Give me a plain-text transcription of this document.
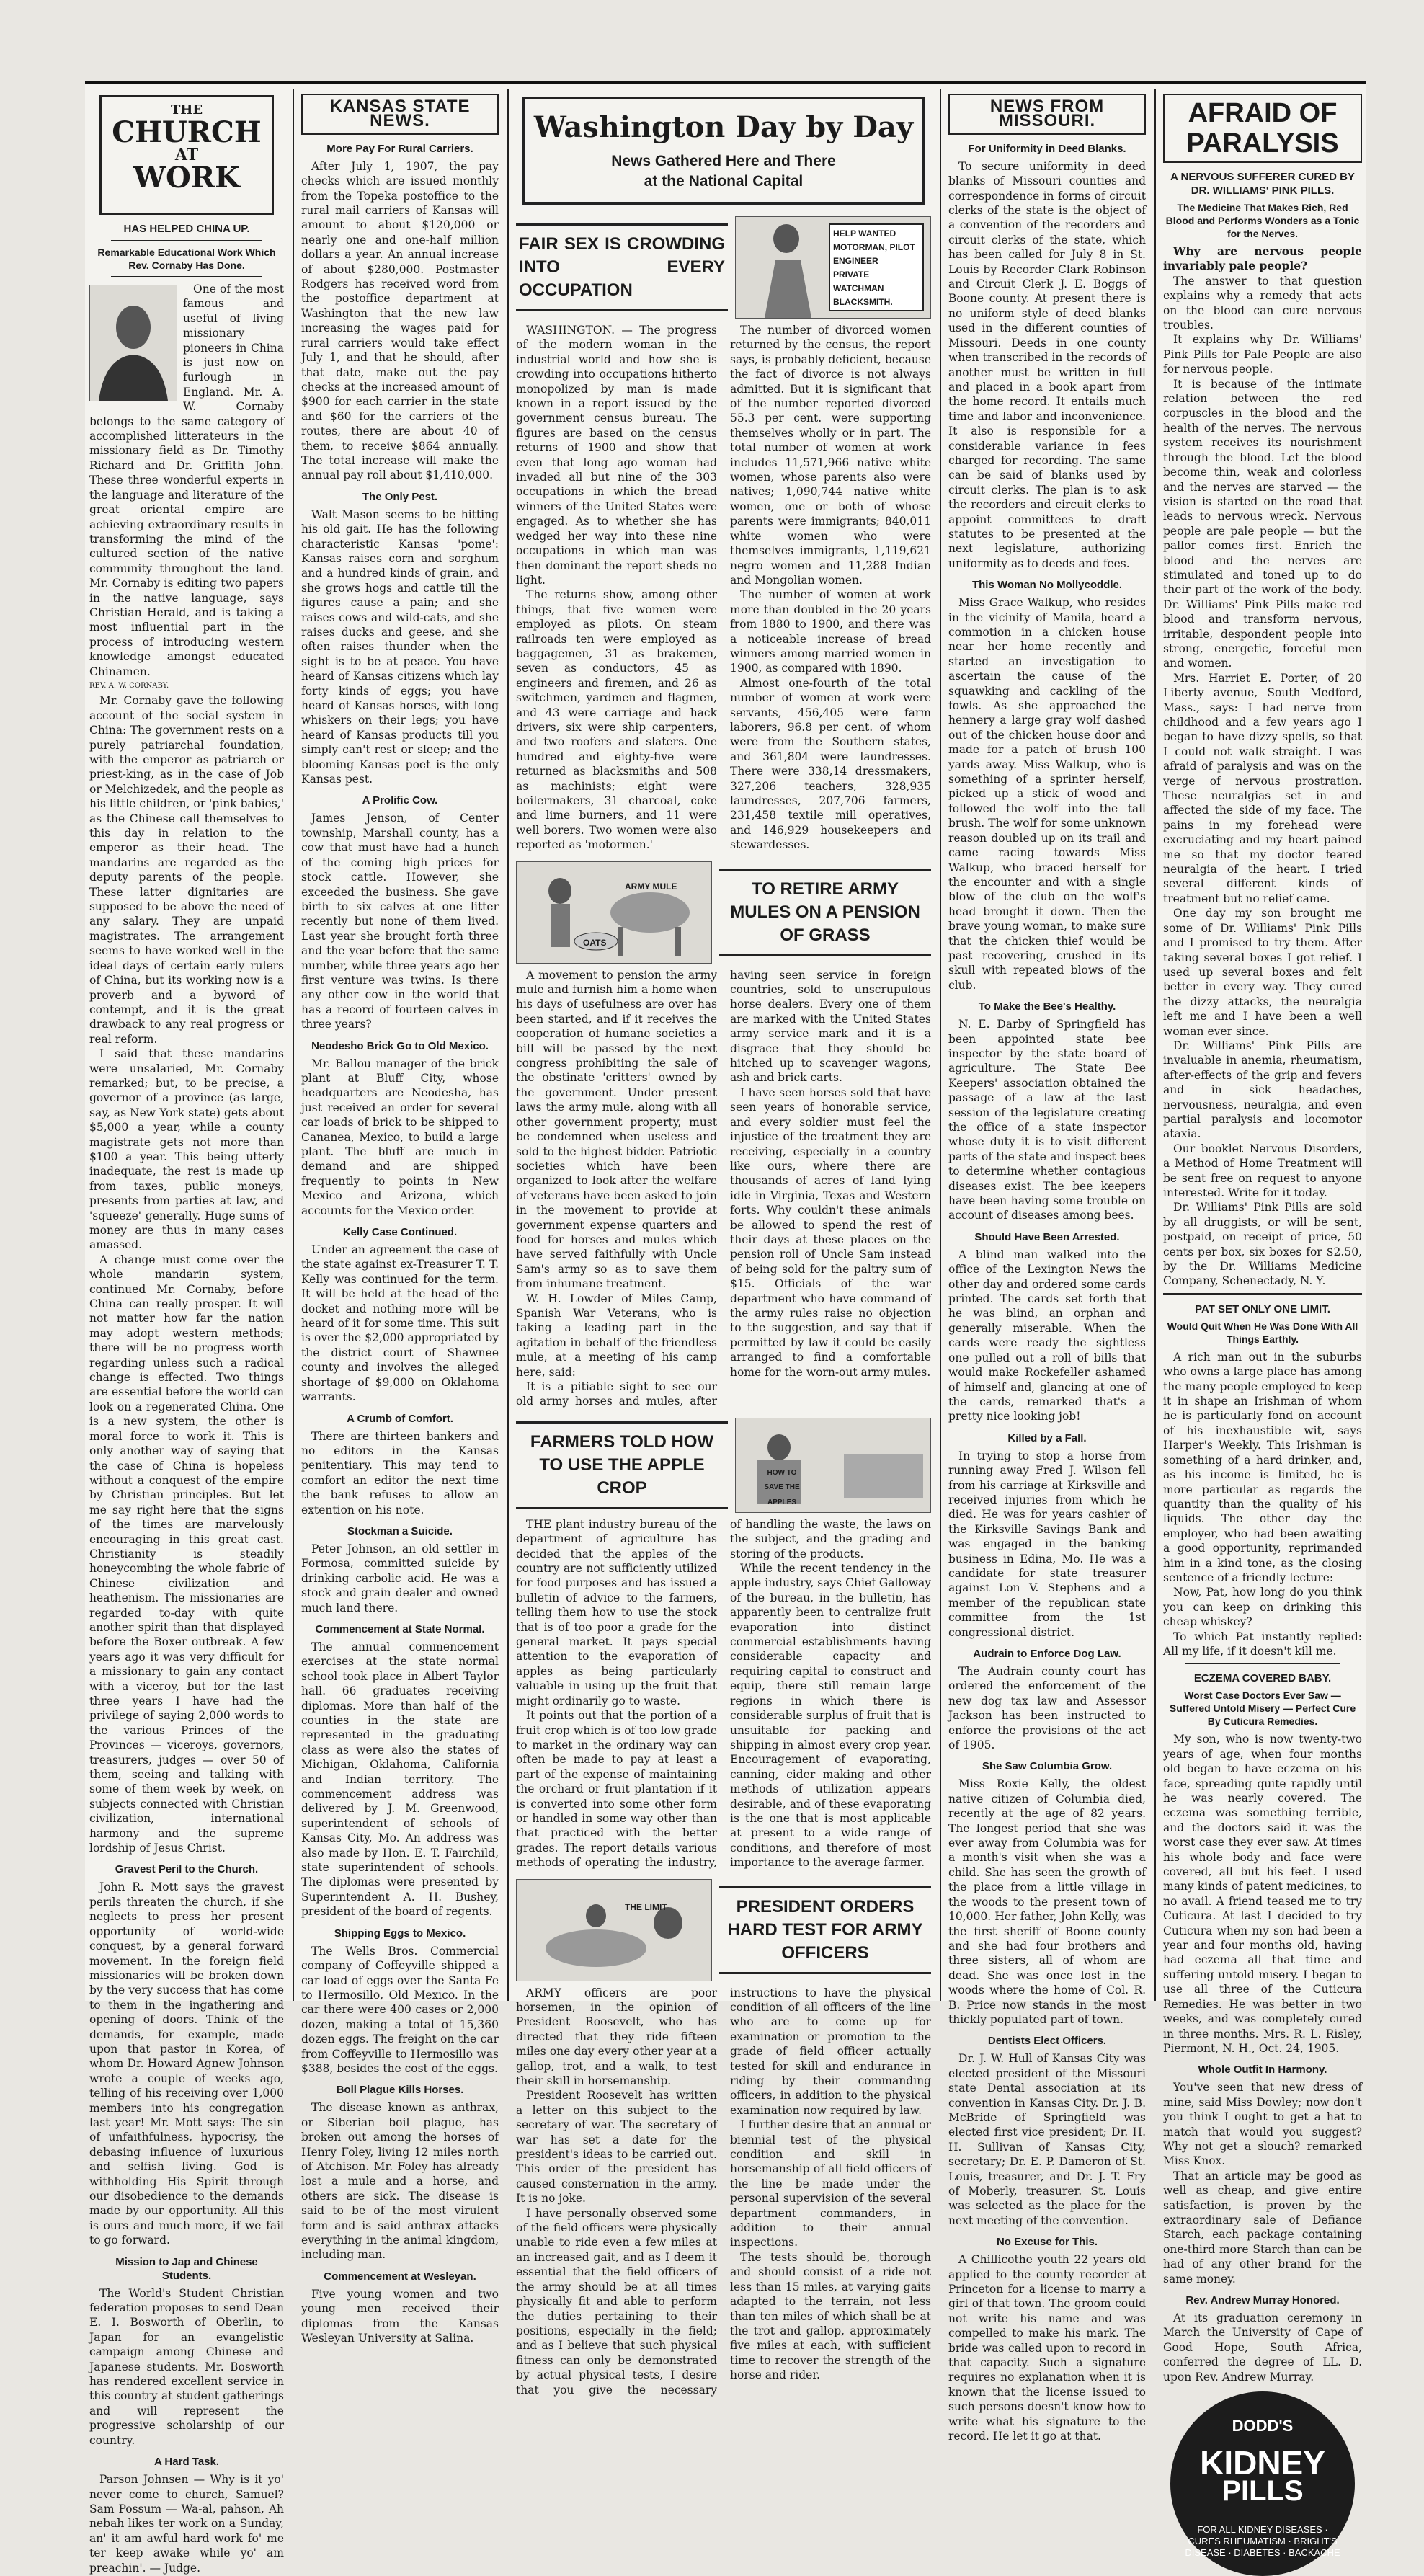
THE
CHURCH
AT
WORK
HAS HELPED CHINA UP.
Remarkable Educational Work Which Rev. Cornaby Has Done.

One of the most famous and useful of living missionary pioneers in China is just now on furlough in England. Mr. A. W. Cornaby belongs to the same category of accomplished litterateurs in the missionary field as Dr. Timothy Richard and Dr. Griffith John. These three wonderful experts in the language and literature of the great oriental empire are achieving extraordinary results in transforming the mind of the cultured section of the native community throughout the land. Mr. Cornaby is editing two papers in the native language, says Christian Herald, and is taking a most influential part in the process of introducing western knowledge amongst educated Chinamen.

REV. A. W. CORNABY.

Mr. Cornaby gave the following account of the social system in China: The government rests on a purely patriarchal foundation, with the emperor as patriarch or priest-king, as in the case of Job or Melchizedek, and the people as his little children, or 'pink babies,' as the Chinese call themselves to this day in relation to the emperor as their head. The mandarins are regarded as the deputy parents of the people. These latter dignitaries are supposed to be above the need of any salary. They are unpaid magistrates. The arrangement seems to have worked well in the ideal days of certain early rulers of China, but its working now is a proverb and a byword of contempt, and it is the great drawback to any real progress or real reform.

I said that these mandarins were unsalaried, Mr. Cornaby remarked; but, to be precise, a governor of a province (as large, say, as New York state) gets about $5,000 a year, while a county magistrate gets not more than $100 a year. This being utterly inadequate, the rest is made up from taxes, public moneys, presents from parties at law, and 'squeeze' generally. Huge sums of money are thus in many cases amassed.

A change must come over the whole mandarin system, continued Mr. Cornaby, before China can really prosper. It will not matter how far the nation may adopt western methods; there will be no progress worth regarding unless such a radical change is effected. Two things are essential before the world can look on a regenerated China. One is a new system, the other is moral force to work it. This is only another way of saying that the case of China is hopeless without a conquest of the empire by Christian principles. But let me say right here that the signs of the times are marvelously encouraging in this great cast. Christianity is steadily honeycombing the whole fabric of Chinese civilization and heathenism. The missionaries are regarded to-day with quite another spirit than that displayed before the Boxer outbreak. A few years ago it was very difficult for a missionary to gain any contact with a viceroy, but for the last three years I have had the privilege of saying 2,000 words to the various Princes of the Provinces — viceroys, governors, treasurers, judges — over 50 of them, seeing and talking with some of them week by week, on subjects connected with Christian civilization, international harmony and the supreme lordship of Jesus Christ.

Gravest Peril to the Church.

John R. Mott says the gravest perils threaten the church, if she neglects to press her present opportunity of world-wide conquest, by a general forward movement. In the foreign field missionaries will be broken down by the very success that has come to them in the ingathering and opening of doors. Think of the demands, for example, made upon that pastor in Korea, of whom Dr. Howard Agnew Johnson wrote a couple of weeks ago, telling of his receiving over 1,000 members into his congregation last year! Mr. Mott says: The sin of unfaithfulness, hypocrisy, the debasing influence of luxurious and selfish living. God is withholding His Spirit through our disobedience to the demands made by our opportunity. All this is ours and much more, if we fail to go forward.

Mission to Jap and Chinese Students.

The World's Student Christian federation proposes to send Dean E. I. Bosworth of Oberlin, to Japan for an evangelistic campaign among Chinese and Japanese students. Mr. Bosworth has rendered excellent service in this country at student gatherings and will represent the progressive scholarship of our country.

A Hard Task.

Parson Johnsen — Why is it yo' never come to church, Samuel? Sam Possum — Wa-al, pahson, Ah nebah likes ter work on a Sunday, an' it am awful hard work fo' me ter keep awake while yo' am preachin'. — Judge.

KANSAS STATE NEWS.
More Pay For Rural Carriers.

After July 1, 1907, the pay checks which are issued monthly from the Topeka postoffice to the rural mail carriers of Kansas will amount to about $120,000 or nearly one and one-half million dollars a year. An annual increase of about $280,000. Postmaster Rodgers has received word from the postoffice department at Washington that the new law increasing the wages paid for rural carriers would take effect July 1, and that he should, after that date, make out the pay checks at the increased amount of $900 for each carrier in the state and $60 for the carriers of the routes, there are about 40 of them, to receive $864 annually. The total increase will make the annual pay roll about $1,410,000.

The Only Pest.

Walt Mason seems to be hitting his old gait. He has the following characteristic Kansas 'pome': Kansas raises corn and sorghum and a hundred kinds of grain, and she grows hogs and cattle till the figures cause a pain; and she raises cows and wild-cats, and she raises ducks and geese, and she often raises thunder when the sight is to be at peace. You have heard of Kansas citizens which lay forty kinds of eggs; you have heard of Kansas horses, with long whiskers on their legs; you have heard of Kansas products till you simply can't rest or sleep; and the blooming Kansas poet is the only Kansas pest.

A Prolific Cow.

James Jenson, of Center township, Marshall county, has a cow that must have had a hunch of the coming high prices for stock cattle. However, she exceeded the business. She gave birth to six calves at one litter recently but none of them lived. Last year she brought forth three and the year before that the same number, while three years ago her first venture was twins. Is there any other cow in the world that has a record of fourteen calves in three years?

Neodesho Brick Go to Old Mexico.

Mr. Ballou manager of the brick plant at Bluff City, whose headquarters are Neodesha, has just received an order for several car loads of brick to be shipped to Cananea, Mexico, to build a large plant. The bluff are much in demand and are shipped frequently to points in New Mexico and Arizona, which accounts for the Mexico order.

Kelly Case Continued.

Under an agreement the case of the state against ex-Treasurer T. T. Kelly was continued for the term. It will be held at the head of the docket and nothing more will be heard of it for some time. This suit is over the $2,000 appropriated by the district court of Shawnee county and involves the alleged shortage of $9,000 on Oklahoma warrants.

A Crumb of Comfort.

There are thirteen bankers and no editors in the Kansas penitentiary. This may tend to comfort an editor the next time the bank refuses to allow an extention on his note.

Stockman a Suicide.

Peter Johnson, an old settler in Formosa, committed suicide by drinking carbolic acid. He was a stock and grain dealer and owned much land there.

Commencement at State Normal.

The annual commencement exercises at the state normal school took place in Albert Taylor hall. 66 graduates receiving diplomas. More than half of the counties in the state are represented in the graduating class as were also the states of Michigan, Oklahoma, California and Indian territory. The commencement address was delivered by J. M. Greenwood, superintendent of schools of Kansas City, Mo. An address was also made by Hon. E. T. Fairchild, state superintendent of schools. The diplomas were presented by Superintendent A. H. Bushey, president of the board of regents.

Shipping Eggs to Mexico.

The Wells Bros. Commercial company of Coffeyville shipped a car load of eggs over the Santa Fe to Hermosillo, Old Mexico. In the car there were 400 cases or 2,000 dozen, making a total of 15,360 dozen eggs. The freight on the car from Coffeyville to Hermosillo was $388, besides the cost of the eggs.

Boll Plague Kills Horses.

The disease known as anthrax, or Siberian boil plague, has broken out among the horses of Henry Foley, living 12 miles north of Atchison. Mr. Foley has already lost a mule and a horse, and others are sick. The disease is said to be of the most virulent form and is said anthrax attacks everything in the animal kingdom, including man.

Commencement at Wesleyan.

Five young women and two young men received their diplomas from the Kansas Wesleyan University at Salina.

Washington Day by Day
News Gathered Here and There
at the National Capital
FAIR SEX IS CROWDING INTO EVERY OCCUPATION
HELP WANTED
MOTORMAN, PILOT
ENGINEER
PRIVATE WATCHMAN
BLACKSMITH.

WASHINGTON. — The progress of the modern woman in the industrial world and how she is crowding into occupations hitherto monopolized by man is made known in a report issued by the government census bureau. The figures are based on the census returns of 1900 and show that even that long ago woman had invaded all but nine of the 303 occupations in which the bread winners of the United States were engaged. As to whether she has wedged her way into these nine occupations in which man was then dominant the report sheds no light.

The returns show, among other things, that five women were employed as pilots. On steam railroads ten were employed as baggagemen, 31 as brakemen, seven as conductors, 45 as engineers and firemen, and 26 as switchmen, yardmen and flagmen, and 43 were carriage and hack drivers, six were ship carpenters, and two roofers and slaters. One hundred and eighty-five were returned as blacksmiths and 508 as machinists; eight were boilermakers, 31 charcoal, coke and lime burners, and 11 were well borers. Two women were also reported as 'motormen.'

The number of divorced women returned by the census, the report says, is probably deficient, because the fact of divorce is not always admitted. But it is significant that of the number reported divorced 55.3 per cent. were supporting themselves wholly or in part. The total number of women at work includes 11,571,966 native white women, whose parents also were natives; 1,090,744 native white women, one or both of whose parents were immigrants; 840,011 white women who were themselves immigrants, 1,119,621 negro women and 11,288 Indian and Mongolian women.

The number of women at work more than doubled in the 20 years from 1880 to 1900, and there was a noticeable increase of bread winners among married women in 1900, as compared with 1890.

Almost one-fourth of the total number of women at work were servants, 456,405 were farm laborers, 96.8 per cent. of whom were from the Southern states, and 361,804 were laundresses. There were 338,14 dressmakers, 327,206 teachers, 328,935 laundresses, 207,706 farmers, 231,458 textile mill operatives, and 146,929 housekeepers and stewardesses.

ARMY MULE
OATS
TO RETIRE ARMY MULES ON A PENSION OF GRASS

A movement to pension the army mule and furnish him a home when his days of usefulness are over has been started, and if it receives the cooperation of humane societies a bill will be passed by the next congress prohibiting the sale of the obstinate 'critters' owned by the government. Under present laws the army mule, along with all other government property, must be condemned when useless and sold to the highest bidder. Patriotic societies which have been organized to look after the welfare of veterans have been asked to join in the movement to provide at government expense quarters and food for horses and mules which have served faithfully with Uncle Sam's army so as to save them from inhumane treatment.

W. H. Lowder of Miles Camp, Spanish War Veterans, who is taking a leading part in the agitation in behalf of the friendless mule, at a meeting of his camp here, said:

It is a pitiable sight to see our old army horses and mules, after having seen service in foreign countries, sold to unscrupulous horse dealers. Every one of them are marked with the United States army service mark and it is a disgrace that they should be hitched up to scavenger wagons, ash and brick carts.

I have seen horses sold that have seen years of honorable service, and every soldier must feel the injustice of the treatment they are receiving, especially in a country like ours, where there are thousands of acres of land lying idle in Virginia, Texas and Western forts. Why couldn't these animals be allowed to spend the rest of their days at these places on the pension roll of Uncle Sam instead of being sold for the paltry sum of $15. Officials of the war department who have command of the army rules raise no objection to the suggestion, and say that if permitted by law it could be easily arranged to find a comfortable home for the worn-out army mules.

FARMERS TOLD HOW TO USE THE APPLE CROP
HOW TO SAVE THE APPLES

THE plant industry bureau of the department of agriculture has decided that the apples of the country are not sufficiently utilized for food purposes and has issued a bulletin of advice to the farmers, telling them how to use the stock that is of too poor a grade for the general market. It pays special attention to the evaporation of apples as being particularly valuable in using up the fruit that might ordinarily go to waste.

It points out that the portion of a fruit crop which is of too low grade to market in the ordinary way can often be made to pay at least a part of the expense of maintaining the orchard or fruit plantation if it is converted into some other form or handled in some way other than that practiced with the better grades. The report details various methods of operating the industry, of handling the waste, the laws on the subject, and the grading and storing of the products.

While the recent tendency in the apple industry, says Chief Galloway of the bureau, in the bulletin, has apparently been to centralize fruit evaporation into distinct commercial establishments having considerable capacity and requiring capital to construct and equip, there still remain large regions in which there is considerable surplus of fruit that is unsuitable for packing and shipping in almost every crop year. Encouragement of evaporating, canning, cider making and other methods of utilization appears desirable, and of these evaporating is the one that is most applicable at present to a wide range of conditions, and therefore of most importance to the average farmer.

THE LIMIT	PRESIDENT ORDERS HARD TEST FOR ARMY OFFICERS

ARMY officers are poor horsemen, in the opinion of President Roosevelt, who has directed that they ride fifteen miles one day every other year at a gallop, trot, and a walk, to test their skill in horsemanship.

President Roosevelt has written a letter on this subject to the secretary of war. The secretary of war has set a date for the president's ideas to be carried out. This order of the president has caused consternation in the army. It is no joke.

I have personally observed some of the field officers were physically unable to ride even a few miles at an increased gait, and as I deem it essential that the field officers of the army should be at all times physically fit and able to perform the duties pertaining to their positions, especially in the field; and as I believe that such physical fitness can only be demonstrated by actual physical tests, I desire that you give the necessary instructions to have the physical condition of all officers of the line who are to come up for examination or promotion to the grade of field officer actually tested for skill and endurance in riding by their commanding officers, in addition to the physical examination now required by law.

I further desire that an annual or biennial test of the physical condition and skill in horsemanship of all field officers of the line be made under the personal supervision of the several department commanders, in addition to their annual inspections.

The tests should be, thorough and should consist of a ride not less than 15 miles, at varying gaits adapted to the terrain, not less than ten miles of which shall be at the trot and gallop, approximately five miles at each, with sufficient time to recover the strength of the horse and rider.

NEWS FROM MISSOURI.
For Uniformity in Deed Blanks.

To secure uniformity in deed blanks of Missouri counties and correspondence in forms of circuit clerks of the state is the object of a convention of the recorders and circuit clerks of the state, which has been called for July 8 in St. Louis by Recorder Clark Robinson and Circuit Clerk J. E. Boggs of Boone county. At present there is no uniform style of deed blanks used in the different counties of Missouri. Deeds in one county when transcribed in the records of another must be written in full and placed in a book apart from the home record. It entails much time and labor and inconvenience. It also is responsible for a considerable variance in fees charged for recording. The same can be said of blanks used by circuit clerks. The plan is to ask the recorders and circuit clerks to appoint committees to draft statutes to be presented at the next legislature, authorizing uniformity as to deeds and fees.

This Woman No Mollycoddle.

Miss Grace Walkup, who resides in the vicinity of Manila, heard a commotion in a chicken house near her home recently and started an investigation to ascertain the cause of the squawking and cackling of the fowls. As she approached the hennery a large gray wolf dashed out of the chicken house door and made for a patch of brush 100 yards away. Miss Walkup, who is something of a sprinter herself, picked up a stick of wood and followed the wolf into the tall brush. The wolf for some unknown reason doubled up on its trail and came racing towards Miss Walkup, who braced herself for the encounter and with a single blow of the club on the wolf's head brought it down. Then the brave young woman, to make sure that the chicken thief would be past recovering, crushed in its skull with repeated blows of the club.

To Make the Bee's Healthy.

N. E. Darby of Springfield has been appointed state bee inspector by the state board of agriculture. The State Bee Keepers' association obtained the passage of a law at the last session of the legislature creating the office of a state inspector whose duty it is to visit different parts of the state and inspect bees to determine whether contagious diseases exist. The bee keepers have been having some trouble on account of diseases among bees.

Should Have Been Arrested.

A blind man walked into the office of the Lexington News the other day and ordered some cards printed. The cards set forth that he was blind, an orphan and generally miserable. When the cards were ready the sightless one pulled out a roll of bills that would make Rockefeller ashamed of himself and, glancing at one of the cards, remarked that's a pretty nice looking job!

Killed by a Fall.

In trying to stop a horse from running away Fred J. Wilson fell from his carriage at Kirksville and received injuries from which he died. He was for years cashier of the Kirksville Savings Bank and was engaged in the banking business in Edina, Mo. He was a candidate for state treasurer against Lon V. Stephens and a member of the republican state committee from the 1st congressional district.

Audrain to Enforce Dog Law.

The Audrain county court has ordered the enforcement of the new dog tax law and Assessor Jackson has been instructed to enforce the provisions of the act of 1905.

She Saw Columbia Grow.

Miss Roxie Kelly, the oldest native citizen of Columbia died, recently at the age of 82 years. The longest period that she was ever away from Columbia was for a month's visit when she was a child. She has seen the growth of the place from a little village in the woods to the present town of 10,000. Her father, John Kelly, was the first sheriff of Boone county and she had four brothers and three sisters, all of whom are dead. She was once lost in the woods where the home of Col. R. B. Price now stands in the most thickly populated part of town.

Dentists Elect Officers.

Dr. J. W. Hull of Kansas City was elected president of the Missouri state Dental association at its convention in Kansas City. Dr. J. B. McBride of Springfield was elected first vice president; Dr. H. H. Sullivan of Kansas City, secretary; Dr. E. P. Dameron of St. Louis, treasurer, and Dr. J. T. Fry of Moberly, treasurer. St. Louis was selected as the place for the next meeting of the convention.

No Excuse for This.

A Chillicothe youth 22 years old applied to the county recorder at Princeton for a license to marry a girl of that town. The groom could not write his name and was compelled to make his mark. The bride was called upon to record in that capacity. Such a signature requires no explanation when it is known that the license issued to such persons doesn't know how to write what his signature to the record. He let it go at that.

AFRAID OF PARALYSIS
A NERVOUS SUFFERER CURED BY DR. WILLIAMS' PINK PILLS.
The Medicine That Makes Rich, Red Blood and Performs Wonders as a Tonic for the Nerves.

Why are nervous people invariably pale people?

The answer to that question explains why a remedy that acts on the blood can cure nervous troubles.

It explains why Dr. Williams' Pink Pills for Pale People are also for nervous people.

It is because of the intimate relation between the red corpuscles in the blood and the health of the nerves. The nervous system receives its nourishment through the blood. Let the blood become thin, weak and colorless and the nerves are starved — the vision is started on the road that leads to nervous wreck. Nervous people are pale people — but the pallor comes first. Enrich the blood and the nerves are stimulated and toned up to do their part of the work of the body. Dr. Williams' Pink Pills make red blood and transform nervous, irritable, despondent people into strong, energetic, forceful men and women.

Mrs. Harriet E. Porter, of 20 Liberty avenue, South Medford, Mass., says: I had nerve from childhood and a few years ago I began to have dizzy spells, so that I could not walk straight. I was afraid of paralysis and was on the verge of nervous prostration. These neuralgias set in and affected the side of my face. The pains in my forehead were excruciating and my heart pained me so that my doctor feared neuralgia of the heart. I tried several different kinds of treatment but no relief came.

One day my son brought me some of Dr. Williams' Pink Pills and I promised to try them. After taking several boxes I got relief. I used up several boxes and felt better in every way. They cured the dizzy attacks, the neuralgia left me and I have been a well woman ever since.

Dr. Williams' Pink Pills are invaluable in anemia, rheumatism, after-effects of the grip and fevers and in sick headaches, nervousness, neuralgia, and even partial paralysis and locomotor ataxia.

Our booklet Nervous Disorders, a Method of Home Treatment will be sent free on request to anyone interested. Write for it today.

Dr. Williams' Pink Pills are sold by all druggists, or will be sent, postpaid, on receipt of price, 50 cents per box, six boxes for $2.50, by the Dr. Williams Medicine Company, Schenectady, N. Y.

PAT SET ONLY ONE LIMIT.
Would Quit When He Was Done With All Things Earthly.

A rich man out in the suburbs who owns a large place has among the many people employed to keep it in shape an Irishman of whom he is particularly fond on account of his inexhaustible wit, says Harper's Weekly. This Irishman is something of a hard drinker, and, as his income is limited, he is more particular as regards the quantity than the quality of his liquids. The other day the employer, who had been awaiting a good opportunity, reprimanded him in a kind tone, as the closing sentence of a friendly lecture:

Now, Pat, how long do you think you can keep on drinking this cheap whiskey?

To which Pat instantly replied: All my life, if it doesn't kill me.

ECZEMA COVERED BABY.
Worst Case Doctors Ever Saw — Suffered Untold Misery — Perfect Cure By Cuticura Remedies.

My son, who is now twenty-two years of age, when four months old began to have eczema on his face, spreading quite rapidly until he was nearly covered. The eczema was something terrible, and the doctors said it was the worst case they ever saw. At times his whole body and face were covered, all but his feet. I used many kinds of patent medicines, to no avail. A friend teased me to try Cuticura. At last I decided to try Cuticura when my son had been a year and four months old, having had eczema all that time and suffering untold misery. I began to use all three of the Cuticura Remedies. He was better in two weeks, and was completely cured in three months. Mrs. R. L. Risley, Piermont, N. H., Oct. 24, 1905.

Whole Outfit In Harmony.

You've seen that new dress of mine, said Miss Dowley; now don't you think I ought to get a hat to match that would you suggest? Why not get a slouch? remarked Miss Knox.

That an article may be good as well as cheap, and give entire satisfaction, is proven by the extraordinary sale of Defiance Starch, each package containing one-third more Starch than can be had of any other brand for the same money.

Rev. Andrew Murray Honored.

At its graduation ceremony in March the University of Cape of Good Hope, South Africa, conferred the degree of LL. D. upon Rev. Andrew Murray.

DODD'S
KIDNEY
PILLS
FOR ALL KIDNEY DISEASES · CURES RHEUMATISM · BRIGHT'S DISEASE · DIABETES · BACKACHE
